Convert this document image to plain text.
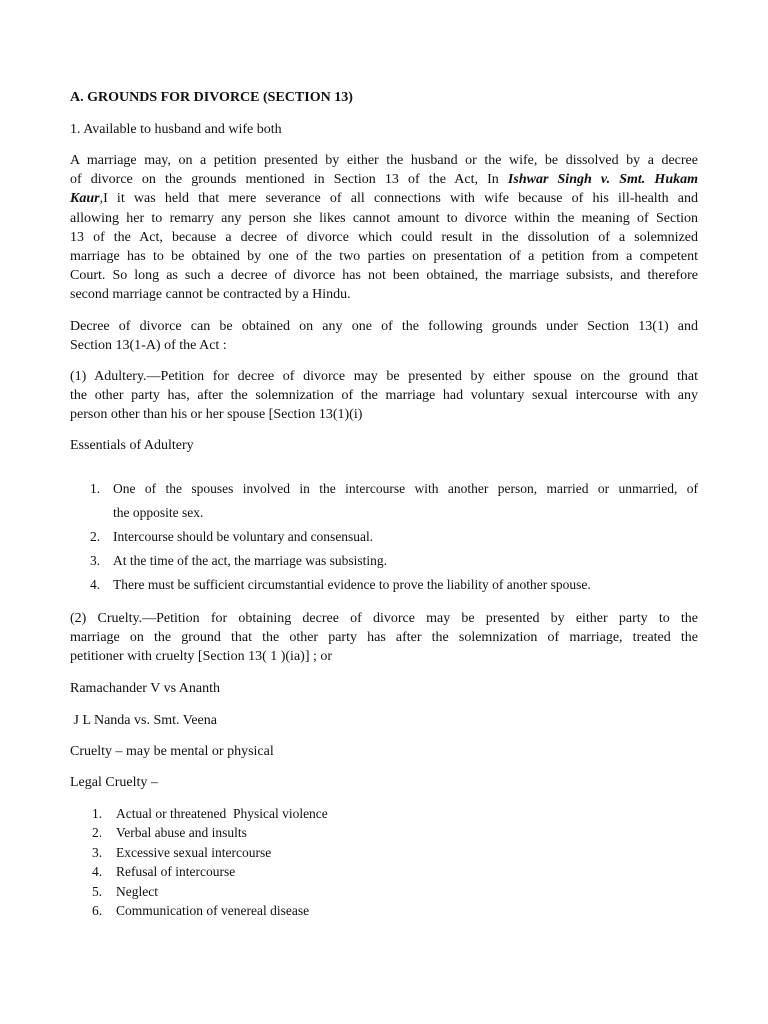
A. GROUNDS FOR DIVORCE (SECTION 13)
1. Available to husband and wife both
A marriage may, on a petition presented by either the husband or the wife, be dissolved by a decree
of divorce on the grounds mentioned in Section 13 of the Act, In Ishwar Singh v. Smt. Hukam
Kaur,I it was held that mere severance of all connections with wife because of his ill-health and
allowing her to remarry any person she likes cannot amount to divorce within the meaning of Section
13 of the Act, because a decree of divorce which could result in the dissolution of a solemnized
marriage has to be obtained by one of the two parties on presentation of a petition from a competent
Court. So long as such a decree of divorce has not been obtained, the marriage subsists, and therefore
second marriage cannot be contracted by a Hindu.
Decree of divorce can be obtained on any one of the following grounds under Section 13(1) and
Section 13(1-A) of the Act :
(1) Adultery.—Petition for decree of divorce may be presented by either spouse on the ground that
the other party has, after the solemnization of the marriage had voluntary sexual intercourse with any
person other than his or her spouse [Section 13(1)(i)
Essentials of Adultery
1. One of the spouses involved in the intercourse with another person, married or unmarried, of
the opposite sex.
2. Intercourse should be voluntary and consensual.
3. At the time of the act, the marriage was subsisting.
4. There must be sufficient circumstantial evidence to prove the liability of another spouse.
(2) Cruelty.—Petition for obtaining decree of divorce may be presented by either party to the
marriage on the ground that the other party has after the solemnization of marriage, treated the
petitioner with cruelty [Section 13( 1 )(ia)] ; or
Ramachander V vs Ananth
J L Nanda vs. Smt. Veena
Cruelty – may be mental or physical
Legal Cruelty –
1. Actual or threatened  Physical violence
2. Verbal abuse and insults
3. Excessive sexual intercourse
4. Refusal of intercourse
5. Neglect
6. Communication of venereal disease
